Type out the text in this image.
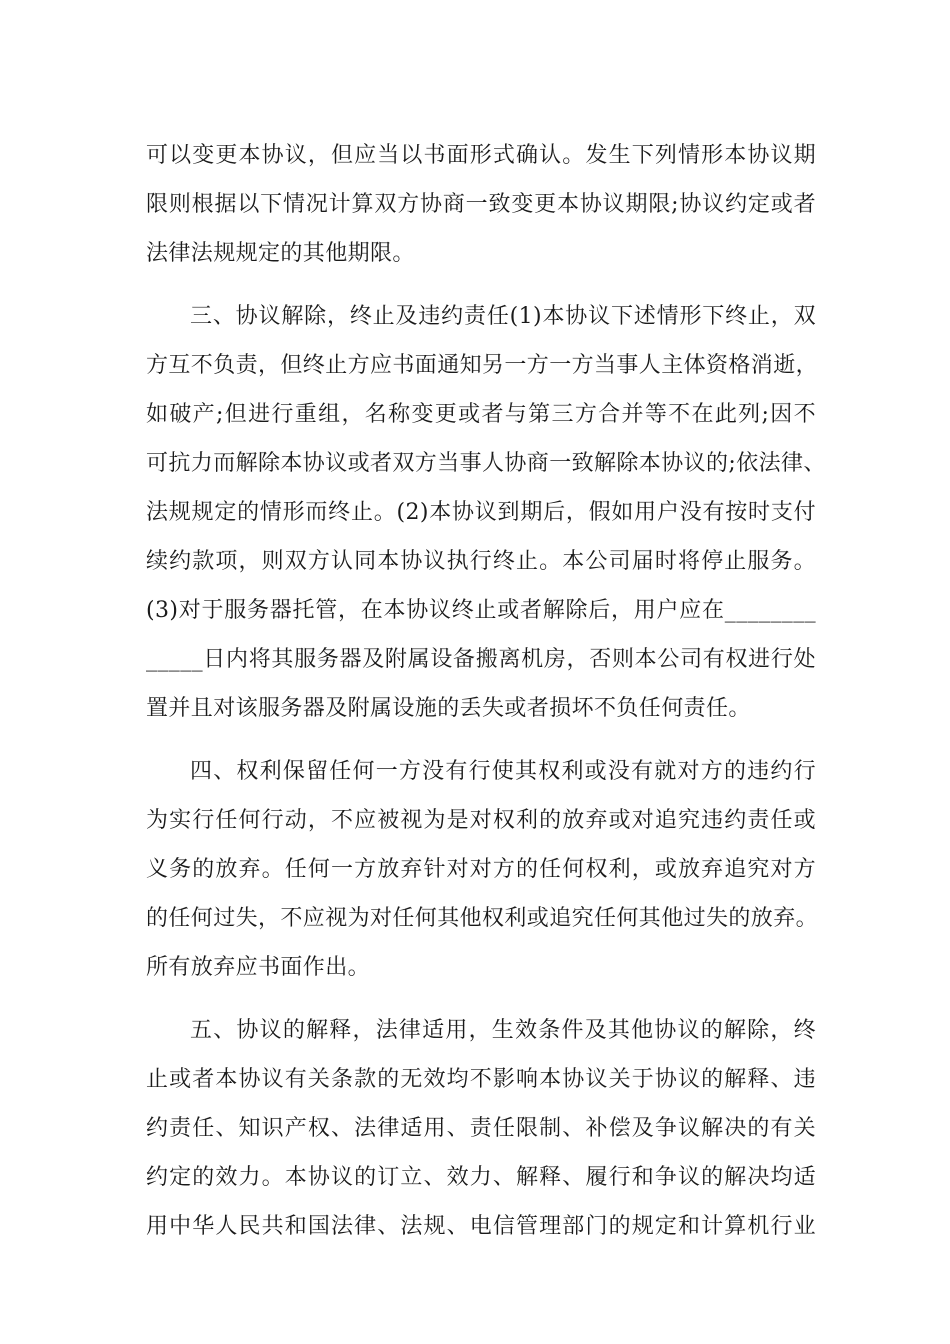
可以变更本协议，但应当以书面形式确认。发生下列情形本协议期
限则根据以下情况计算双方协商一致变更本协议期限;协议约定或者
法律法规规定的其他期限。
三、协议解除，终止及违约责任(1)本协议下述情形下终止，双
方互不负责，但终止方应书面通知另一方一方当事人主体资格消逝，
如破产;但进行重组，名称变更或者与第三方合并等不在此列;因不
可抗力而解除本协议或者双方当事人协商一致解除本协议的;依法律、
法规规定的情形而终止。(2)本协议到期后，假如用户没有按时支付
续约款项，则双方认同本协议执行终止。本公司届时将停止服务。
(3)对于服务器托管，在本协议终止或者解除后，用户应在________
_____日内将其服务器及附属设备搬离机房，否则本公司有权进行处
置并且对该服务器及附属设施的丢失或者损坏不负任何责任。
四、权利保留任何一方没有行使其权利或没有就对方的违约行
为实行任何行动，不应被视为是对权利的放弃或对追究违约责任或
义务的放弃。任何一方放弃针对对方的任何权利，或放弃追究对方
的任何过失，不应视为对任何其他权利或追究任何其他过失的放弃。
所有放弃应书面作出。
五、协议的解释，法律适用，生效条件及其他协议的解除，终
止或者本协议有关条款的无效均不影响本协议关于协议的解释、违
约责任、知识产权、法律适用、责任限制、补偿及争议解决的有关
约定的效力。本协议的订立、效力、解释、履行和争议的解决均适
用中华人民共和国法律、法规、电信管理部门的规定和计算机行业
